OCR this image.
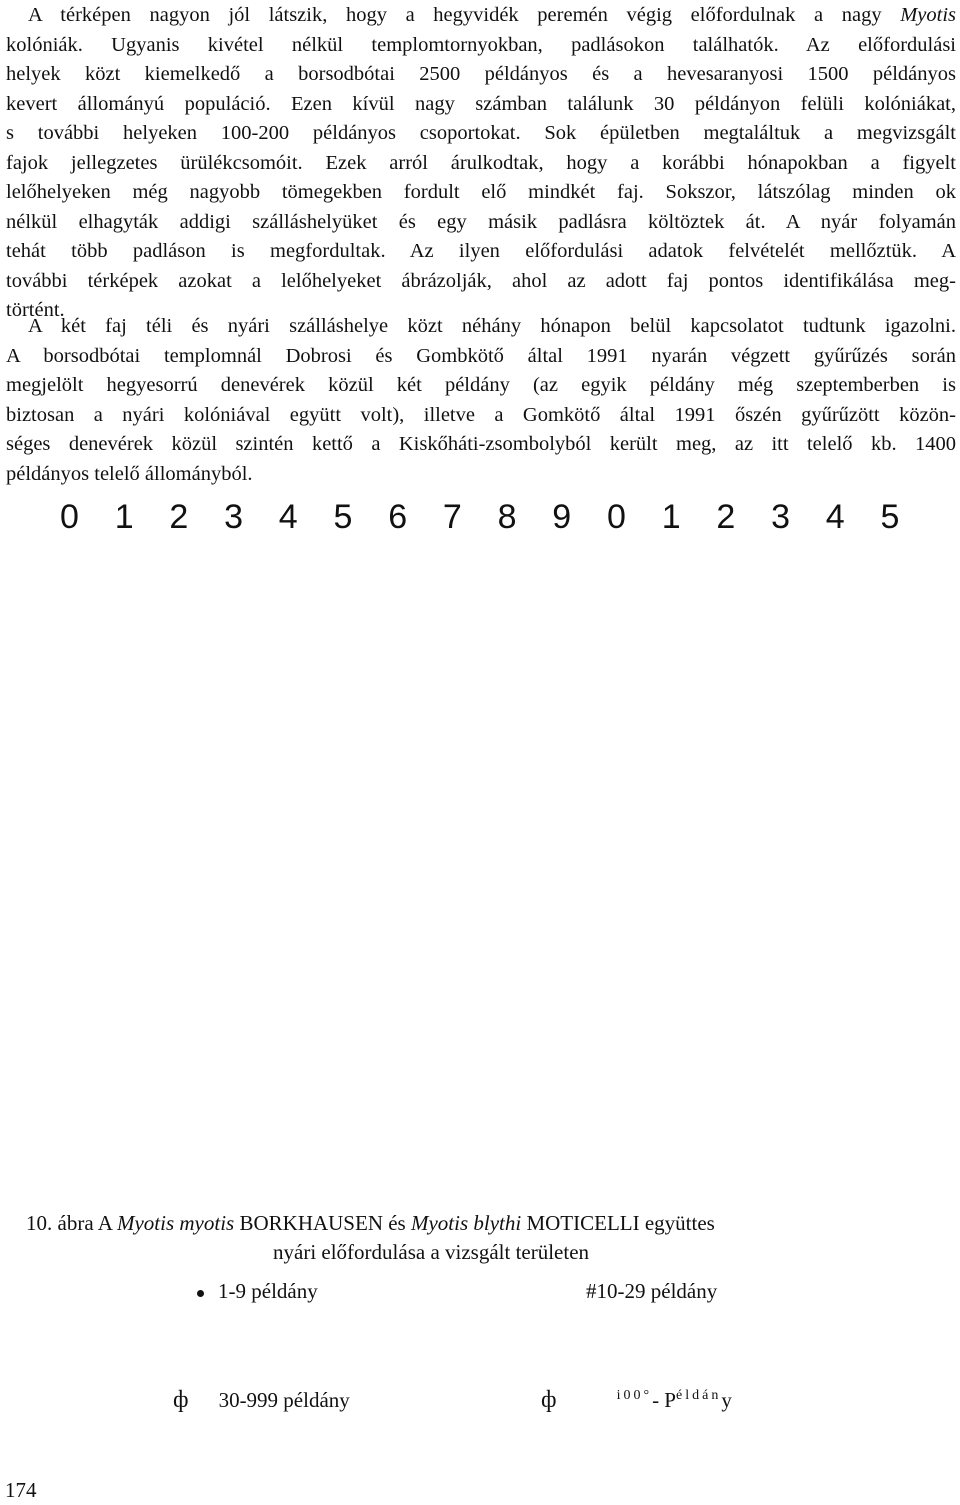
A térképen nagyon jól látszik, hogy a hegyvidék peremén végig előfordulnak a nagy Myotis
kolóniák. Ugyanis kivétel nélkül templomtornyokban, padlásokon találhatók. Az előfordulási
helyek közt kiemelkedő a borsodbótai 2500 példányos és a hevesaranyosi 1500 példányos
kevert állományú populáció. Ezen kívül nagy számban találunk 30 példányon felüli kolóniákat,
s további helyeken 100-200 példányos csoportokat. Sok épületben megtaláltuk a megvizsgált
fajok jellegzetes ürülékcsomóit. Ezek arról árulkodtak, hogy a korábbi hónapokban a figyelt
lelőhelyeken még nagyobb tömegekben fordult elő mindkét faj. Sokszor, látszólag minden ok
nélkül elhagyták addigi szálláshelyüket és egy másik padlásra költöztek át. A nyár folyamán
tehát több padláson is megfordultak. Az ilyen előfordulási adatok felvételét mellőztük. A
további térképek azokat a lelőhelyeket ábrázolják, ahol az adott faj pontos identifikálása meg-
történt.
A két faj téli és nyári szálláshelye közt néhány hónapon belül kapcsolatot tudtunk igazolni.
A borsodbótai templomnál Dobrosi és Gombkötő által 1991 nyarán végzett gyűrűzés során
megjelölt hegyesorrú denevérek közül két példány (az egyik példány még szeptemberben is
biztosan a nyári kolóniával együtt volt), illetve a Gomkötő által 1991 őszén gyűrűzött közön-
séges denevérek közül szintén kettő a Kiskőháti-zsombolyból került meg, az itt telelő kb. 1400
példányos telelő állományból.
0 1 2 3 4 5 6 7 8 9 0 1 2 3 4 5
10. ábra A Myotis myotis BORKHAUSEN és Myotis blythi MOTICELLI együttes
nyári előfordulása a vizsgált területen
1-9 példány	#10-29 példány
ф 30-999 példány	ф	$^{i00^\circ}$- $P^{éldán}y$
174
